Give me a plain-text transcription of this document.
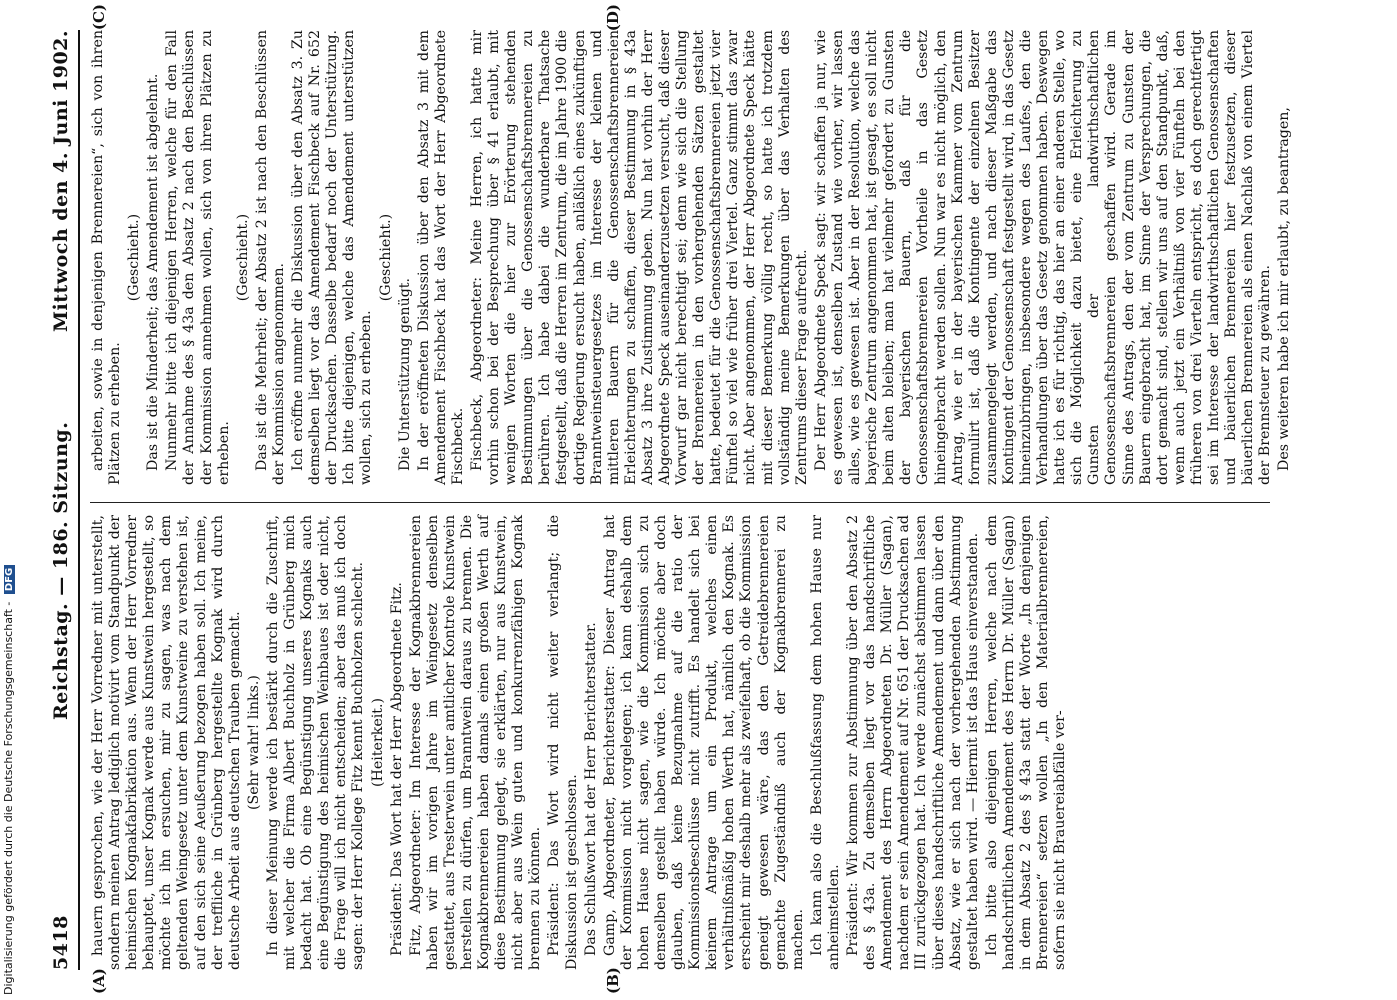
5418
Reichstag. — 186. Sitzung.
Mittwoch den 4. Juni 1902.
(A)	(B)
(C)	(D)

hauern gesprochen, wie der Herr Vorredner mit unterstellt, sondern meinen Antrag lediglich motivirt vom Standpunkt der heimischen Kognakfabrikation aus. Wenn der Herr Vorredner behauptet, unser Kognak werde aus Kunstwein hergestellt, so möchte ich ihn ersuchen, mir zu sagen, was nach dem geltenden Weingesetz unter dem Kunstweine zu verstehen ist, auf den sich seine Aeußerung bezogen haben soll. Ich meine, der treffliche in Grünberg hergestellte Kognak wird durch deutsche Arbeit aus deutschen Trauben gemacht. (Sehr wahr! links.) In dieser Meinung werde ich bestärkt durch die Zuschrift, mit welcher die Firma Albert Buchholz in Grünberg mich bedacht hat. Ob eine Begünstigung unseres Kognaks auch eine Begünstigung des heimischen Weinbaues ist oder nicht, die Frage will ich nicht entscheiden; aber das muß ich doch sagen: der Herr Kollege Fitz kennt Buchholzen schlecht. (Heiterkeit.) Präsident: Das Wort hat der Herr Abgeordnete Fitz. Fitz, Abgeordneter: Im Interesse der Kognakbrennereien haben wir im vorigen Jahre im Weingesetz denselben gestattet, aus Tresterwein unter amtlicher Kontrole Kunstwein herstellen zu dürfen, um Branntwein daraus zu brennen. Die Kognakbrennereien haben damals einen großen Werth auf diese Bestimmung gelegt, sie erklärten, nur aus Kunstwein, nicht aber aus Wein guten und konkurrenzfähigen Kognak brennen zu können. Präsident: Das Wort wird nicht weiter verlangt; die Diskussion ist geschlossen. Das Schlußwort hat der Herr Berichterstatter. Gamp, Abgeordneter, Berichterstatter: Dieser Antrag hat der Kommission nicht vorgelegen; ich kann deshalb dem hohen Hause nicht sagen, wie die Kommission sich zu demselben gestellt haben würde. Ich möchte aber doch glauben, daß keine Bezugnahme auf die ratio der Kommissionsbeschlüsse nicht zutrifft. Es handelt sich bei keinem Antrage um ein Produkt, welches einen verhältnißmäßig hohen Werth hat, nämlich den Kognak. Es erscheint mir deshalb mehr als zweifelhaft, ob die Kommission geneigt gewesen wäre, das den Getreidebrennereien gemachte Zugeständniß auch der Kognakbrennerei zu machen. Ich kann also die Beschlußfassung dem hohen Hause nur anheimstellen. Präsident: Wir kommen zur Abstimmung über den Absatz 2 des § 43a. Zu demselben liegt vor das handschriftliche Amendement des Herrn Abgeordneten Dr. Müller (Sagan), nachdem er sein Amendement auf Nr. 651 der Drucksachen ad III zurückgezogen hat. Ich werde zunächst abstimmen lassen über dieses handschriftliche Amendement und dann über den Absatz, wie er sich nach der vorhergehenden Abstimmung gestaltet haben wird. — Hiermit ist das Haus einverstanden. Ich bitte also diejenigen Herren, welche nach dem handschriftlichen Amendement des Herrn Dr. Müller (Sagan) in dem Absatz 2 des § 43a statt der Worte „In denjenigen Brennereien“ setzen wollen „In den Materialbrennereien, sofern sie nicht Brauereiabfälle ver-

arbeiten, sowie in denjenigen Brennereien“, sich von ihren Plätzen zu erheben.

(Geschieht.) Das ist die Minderheit; das Amendement ist abgelehnt. Nunmehr bitte ich diejenigen Herren, welche für den Fall der Annahme des § 43a den Absatz 2 nach den Beschlüssen der Kommission annehmen wollen, sich von ihren Plätzen zu erheben.

(Geschieht.) Das ist die Mehrheit; der Absatz 2 ist nach den Beschlüssen der Kommission angenommen. Ich eröffne nunmehr die Diskussion über den Absatz 3. Zu demselben liegt vor das Amendement Fischbeck auf Nr. 652 der Drucksachen. Dasselbe bedarf noch der Unterstützung. Ich bitte diejenigen, welche das Amendement unterstützen wollen, sich zu erheben.

(Geschieht.)

Die Unterstützung genügt. In der eröffneten Diskussion über den Absatz 3 mit dem Amendement Fischbeck hat das Wort der Herr Abgeordnete Fischbeck. Fischbeck, Abgeordneter: Meine Herren, ich hatte mir vorhin schon bei der Besprechung über § 41 erlaubt, mit wenigen Worten die hier zur Erörterung stehenden Bestimmungen über die Genossenschaftsbrennereien zu berühren. Ich habe dabei die wunderbare Thatsache festgestellt, daß die Herren im Zentrum, die im Jahre 1900 die dortige Regierung ersucht haben, anläßlich eines zukünftigen Branntweinsteuergesetzes im Interesse der kleinen und mittleren Bauern für die Genossenschaftsbrennereien Erleichterungen zu schaffen, dieser Bestimmung in § 43a Absatz 3 ihre Zustimmung geben. Nun hat vorhin der Herr Abgeordnete Speck auseinanderzusetzen versucht, daß dieser Vorwurf gar nicht berechtigt sei; denn wie sich die Stellung der Brennereien in den vorhergehenden Sätzen gestaltet hatte, bedeutet für die Genossenschaftsbrennereien jetzt vier Fünftel so viel wie früher drei Viertel. Ganz stimmt das zwar nicht. Aber angenommen, der Herr Abgeordnete Speck hätte mit dieser Bemerkung völlig recht, so hatte ich trotzdem vollständig meine Bemerkungen über das Verhalten des Zentrums dieser Frage aufrecht. Der Herr Abgeordnete Speck sagt: wir schaffen ja nur, wie es gewesen ist, denselben Zustand wie vorher, wir lassen alles, wie es gewesen ist. Aber in der Resolution, welche das bayerische Zentrum angenommen hat, ist gesagt, es soll nicht beim alten bleiben; man hat vielmehr gefordert zu Gunsten der bayerischen Bauern, daß für die Genossenschaftsbrennereien Vortheile in das Gesetz hineingebracht werden sollen. Nun war es nicht möglich, den Antrag, wie er in der bayerischen Kammer vom Zentrum formulirt ist, daß die Kontingente der einzelnen Besitzer zusammengelegt werden, und nach dieser Maßgabe das Kontingent der Genossenschaft festgestellt wird, in das Gesetz hineinzubringen, insbesondere wegen des Laufes, den die Verhandlungen über das Gesetz genommen haben. Deswegen hatte ich es für richtig, das hier an einer anderen Stelle, wo sich die Möglichkeit dazu bietet, eine Erleichterung zu Gunsten der landwirthschaftlichen Genossenschaftsbrennereien geschaffen wird. Gerade im Sinne des Antrags, den der vom Zentrum zu Gunsten der Bauern eingebracht hat, im Sinne der Versprechungen, die dort gemacht sind, stellen wir uns auf den Standpunkt, daß, wenn auch jetzt ein Verhältniß von vier Fünfteln bei den früheren von drei Vierteln entspricht, es doch gerechtfertigt sei im Interesse der landwirthschaftlichen Genossenschaften und bäuerlichen Brennereien hier festzusetzen, dieser bäuerlichen Brennereien als einen Nachlaß von einem Viertel der Brennsteuer zu gewähren. Des weiteren habe ich mir erlaubt, zu beantragen,

Digitalisierung gefördert durch die Deutsche Forschungsgemeinschaft - DFG
